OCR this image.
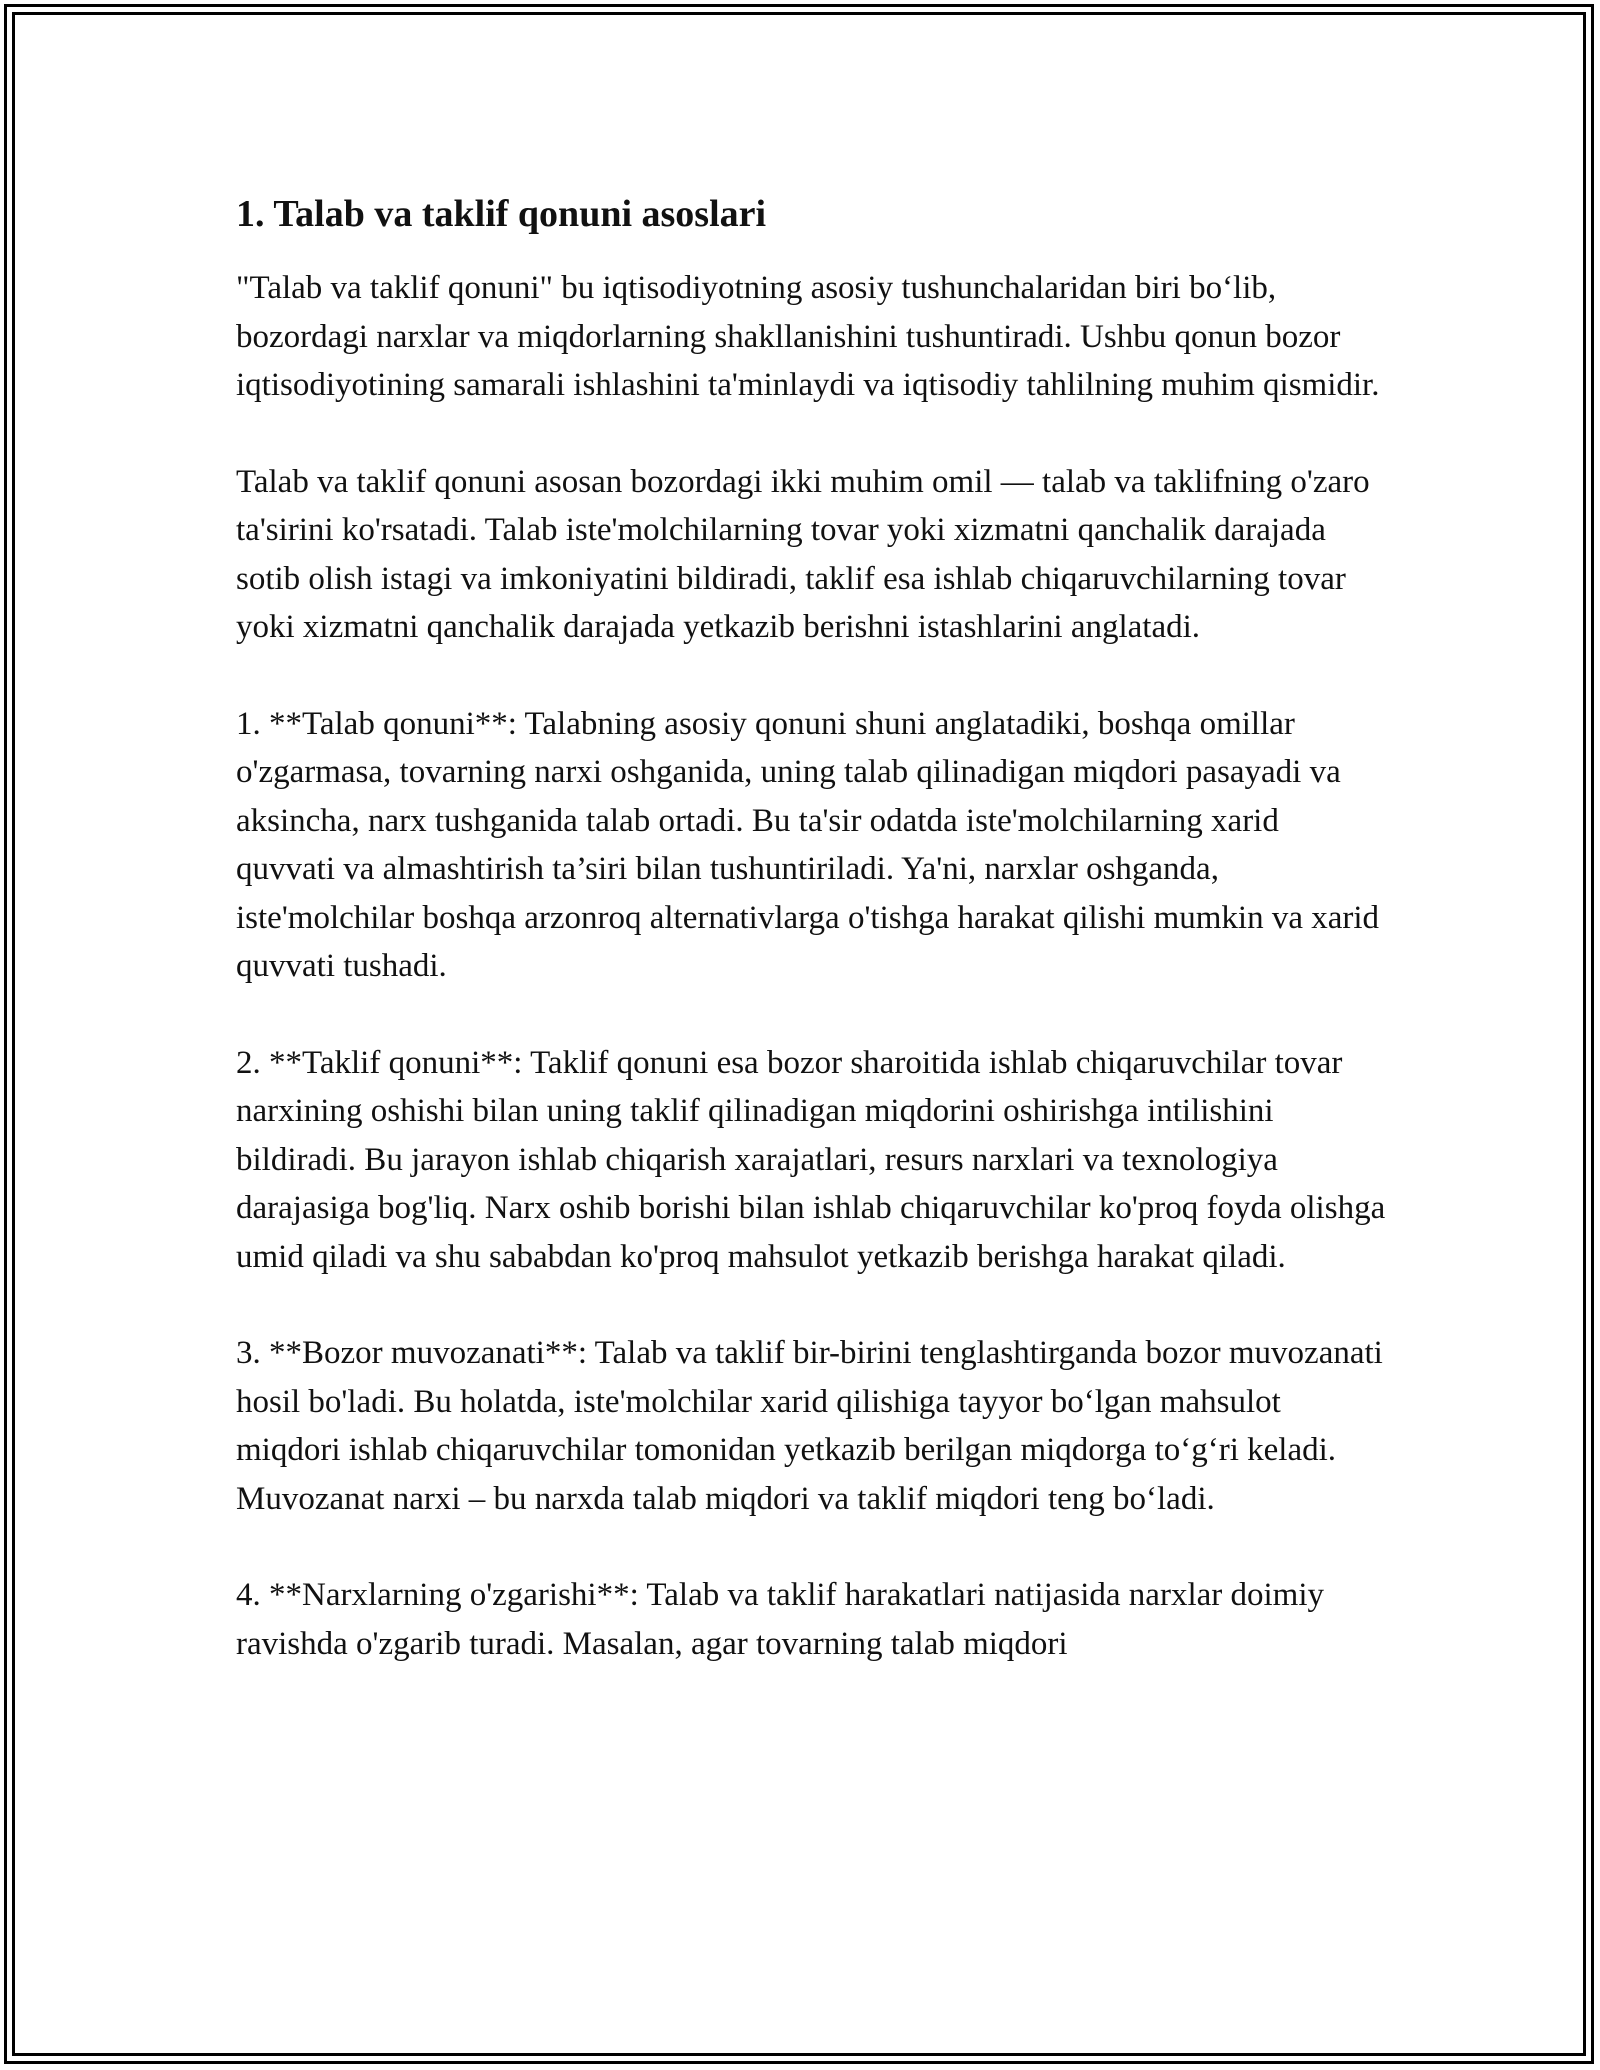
1. Talab va taklif qonuni asoslari

"Talab va taklif qonuni" bu iqtisodiyotning asosiy tushunchalaridan biri bo‘lib, bozordagi narxlar va miqdorlarning shakllanishini tushuntiradi. Ushbu qonun bozor iqtisodiyotining samarali ishlashini ta'minlaydi va iqtisodiy tahlilning muhim qismidir.

Talab va taklif qonuni asosan bozordagi ikki muhim omil — talab va taklifning o'zaro ta'sirini ko'rsatadi. Talab iste'molchilarning tovar yoki xizmatni qanchalik darajada sotib olish istagi va imkoniyatini bildiradi, taklif esa ishlab chiqaruvchilarning tovar yoki xizmatni qanchalik darajada yetkazib berishni istashlarini anglatadi.

1. **Talab qonuni**: Talabning asosiy qonuni shuni anglatadiki, boshqa omillar o'zgarmasa, tovarning narxi oshganida, uning talab qilinadigan miqdori pasayadi va aksincha, narx tushganida talab ortadi. Bu ta'sir odatda iste'molchilarning xarid quvvati va almashtirish ta’siri bilan tushuntiriladi. Ya'ni, narxlar oshganda, iste'molchilar boshqa arzonroq alternativlarga o'tishga harakat qilishi mumkin va xarid quvvati tushadi.

2. **Taklif qonuni**: Taklif qonuni esa bozor sharoitida ishlab chiqaruvchilar tovar narxining oshishi bilan uning taklif qilinadigan miqdorini oshirishga intilishini bildiradi. Bu jarayon ishlab chiqarish xarajatlari, resurs narxlari va texnologiya darajasiga bog'liq. Narx oshib borishi bilan ishlab chiqaruvchilar ko'proq foyda olishga umid qiladi va shu sababdan ko'proq mahsulot yetkazib berishga harakat qiladi.

3. **Bozor muvozanati**: Talab va taklif bir-birini tenglashtirganda bozor muvozanati hosil bo'ladi. Bu holatda, iste'molchilar xarid qilishiga tayyor bo‘lgan mahsulot miqdori ishlab chiqaruvchilar tomonidan yetkazib berilgan miqdorga to‘g‘ri keladi. Muvozanat narxi – bu narxda talab miqdori va taklif miqdori teng bo‘ladi.

4. **Narxlarning o'zgarishi**: Talab va taklif harakatlari natijasida narxlar doimiy ravishda o'zgarib turadi. Masalan, agar tovarning talab miqdori
